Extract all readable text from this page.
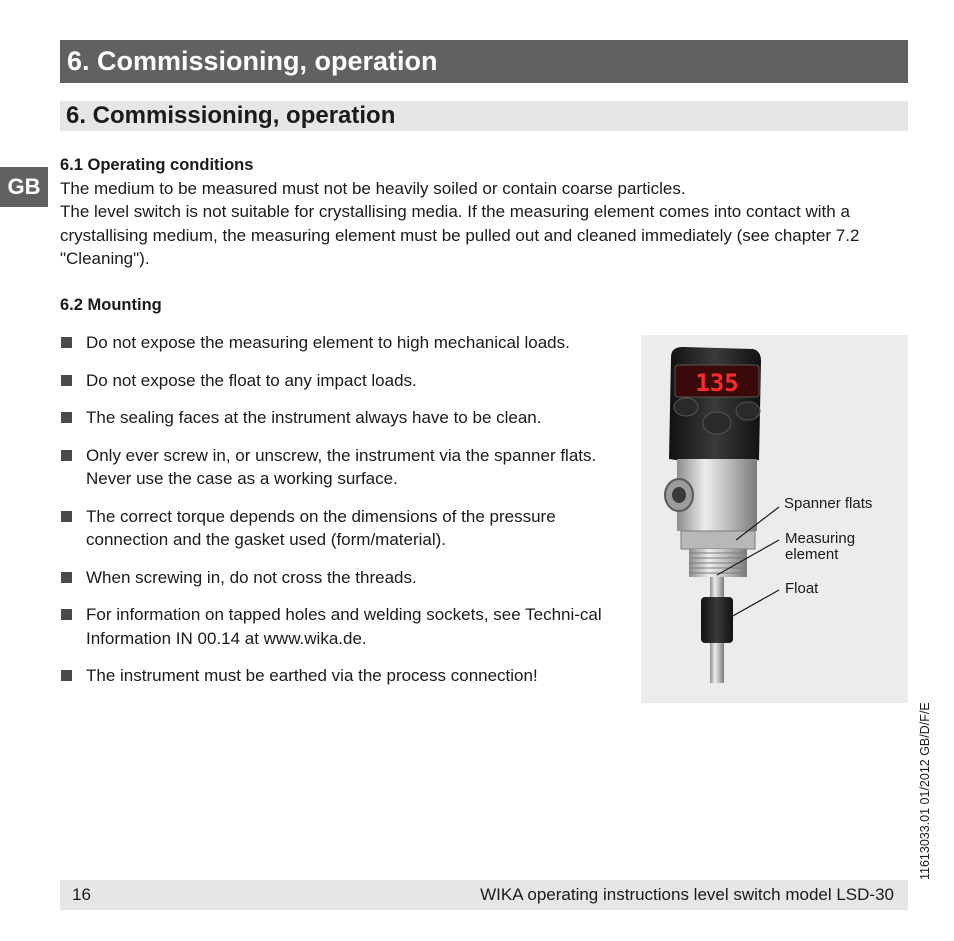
6. Commissioning, operation
6. Commissioning, operation
GB
6.1 Operating conditions

The medium to be measured must not be heavily soiled or contain coarse particles.

The level switch is not suitable for crystallising media. If the measuring element comes into contact with a crystallising medium, the measuring element must be pulled out and cleaned immediately (see chapter 7.2 "Cleaning").

6.2 Mounting
Do not expose the measuring element to high mechanical loads.
Do not expose the float to any impact loads.
The sealing faces at the instrument always have to be clean.
Only ever screw in, or unscrew, the instrument via the spanner flats. Never use the case as a working surface.
The correct torque depends on the dimensions of the pressure connection and the gasket used (form/material).
When screwing in, do not cross the threads.
For information on tapped holes and welding sockets, see Techni-cal Information IN 00.14 at www.wika.de.
The instrument must be earthed via the process connection!
135
Spanner flats
Measuring
element
Float
16	WIKA operating instructions level switch model LSD-30
11613033.01 01/2012 GB/D/F/E
